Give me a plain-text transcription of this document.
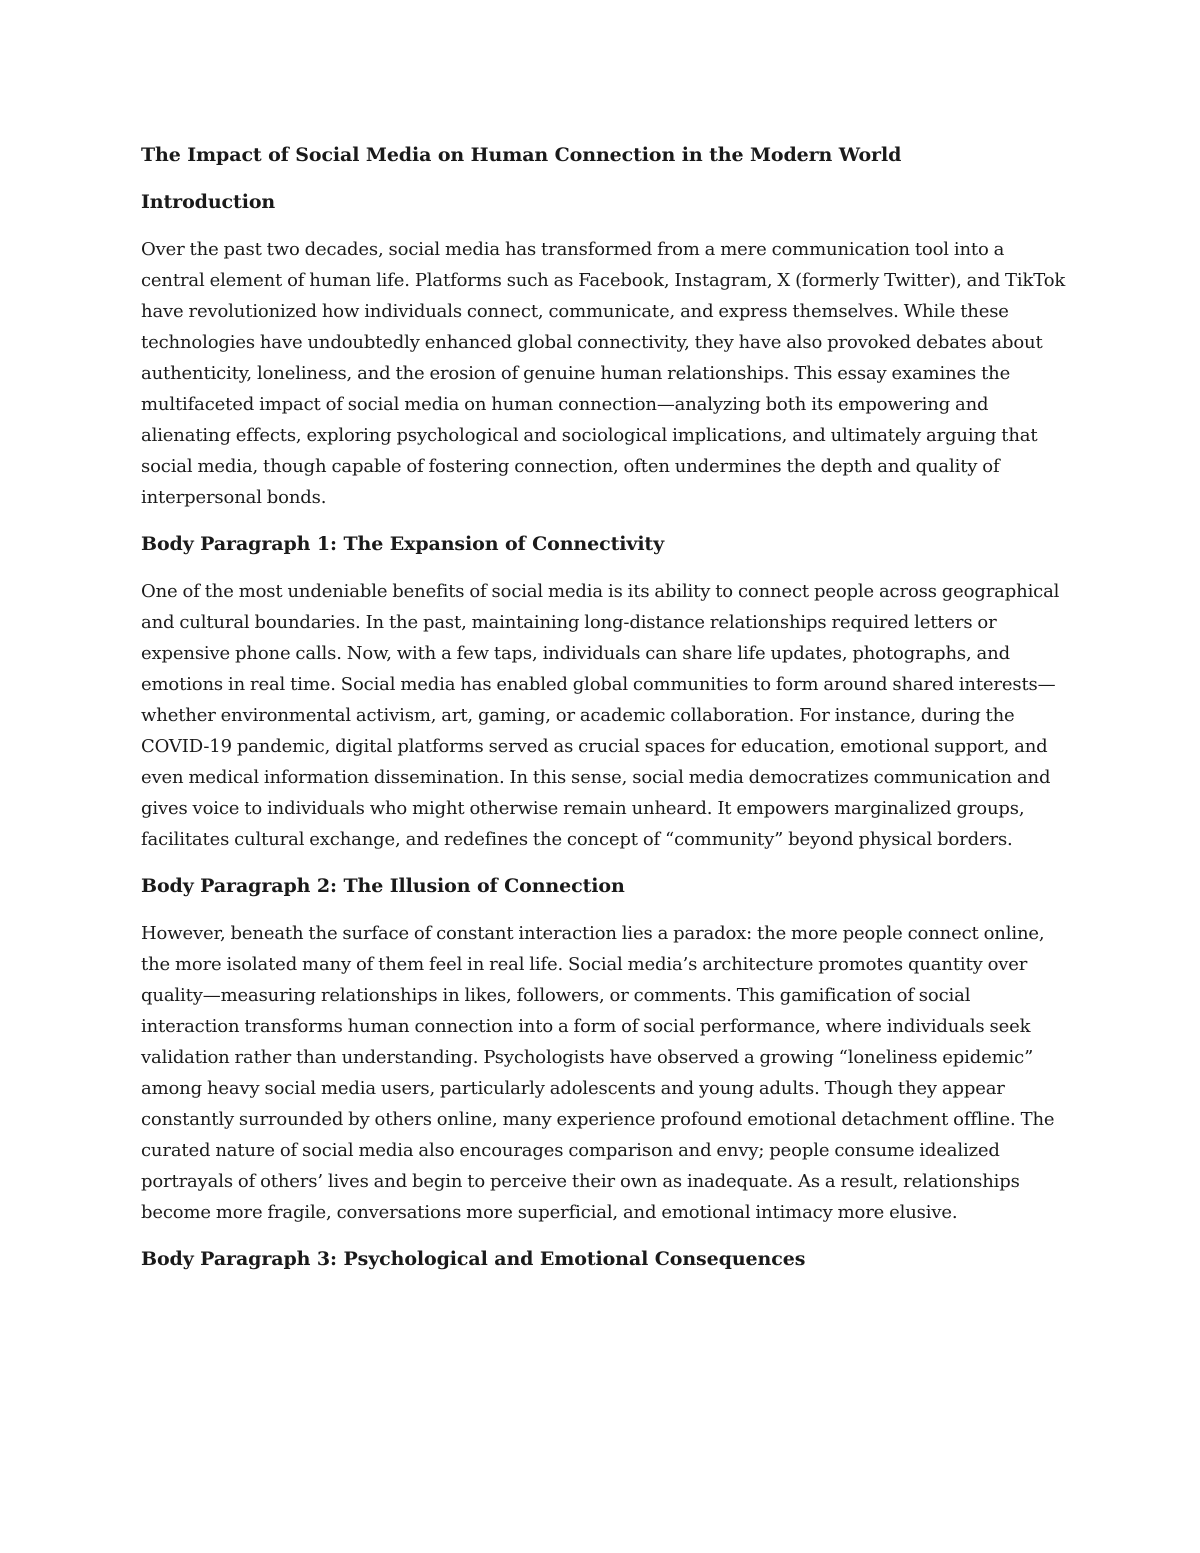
The Impact of Social Media on Human Connection in the Modern World

Introduction

Over the past two decades, social media has transformed from a mere communication tool into a central element of human life. Platforms such as Facebook, Instagram, X (formerly Twitter), and TikTok have revolutionized how individuals connect, communicate, and express themselves. While these technologies have undoubtedly enhanced global connectivity, they have also provoked debates about authenticity, loneliness, and the erosion of genuine human relationships. This essay examines the multifaceted impact of social media on human connection—analyzing both its empowering and alienating effects, exploring psychological and sociological implications, and ultimately arguing that social media, though capable of fostering connection, often undermines the depth and quality of interpersonal bonds.

Body Paragraph 1: The Expansion of Connectivity

One of the most undeniable benefits of social media is its ability to connect people across geographical and cultural boundaries. In the past, maintaining long-distance relationships required letters or expensive phone calls. Now, with a few taps, individuals can share life updates, photographs, and emotions in real time. Social media has enabled global communities to form around shared interests—whether environmental activism, art, gaming, or academic collaboration. For instance, during the COVID-19 pandemic, digital platforms served as crucial spaces for education, emotional support, and even medical information dissemination. In this sense, social media democratizes communication and gives voice to individuals who might otherwise remain unheard. It empowers marginalized groups, facilitates cultural exchange, and redefines the concept of “community” beyond physical borders.

Body Paragraph 2: The Illusion of Connection

However, beneath the surface of constant interaction lies a paradox: the more people connect online, the more isolated many of them feel in real life. Social media’s architecture promotes quantity over quality—measuring relationships in likes, followers, or comments. This gamification of social interaction transforms human connection into a form of social performance, where individuals seek validation rather than understanding. Psychologists have observed a growing “loneliness epidemic” among heavy social media users, particularly adolescents and young adults. Though they appear constantly surrounded by others online, many experience profound emotional detachment offline. The curated nature of social media also encourages comparison and envy; people consume idealized portrayals of others’ lives and begin to perceive their own as inadequate. As a result, relationships become more fragile, conversations more superficial, and emotional intimacy more elusive.

Body Paragraph 3: Psychological and Emotional Consequences
